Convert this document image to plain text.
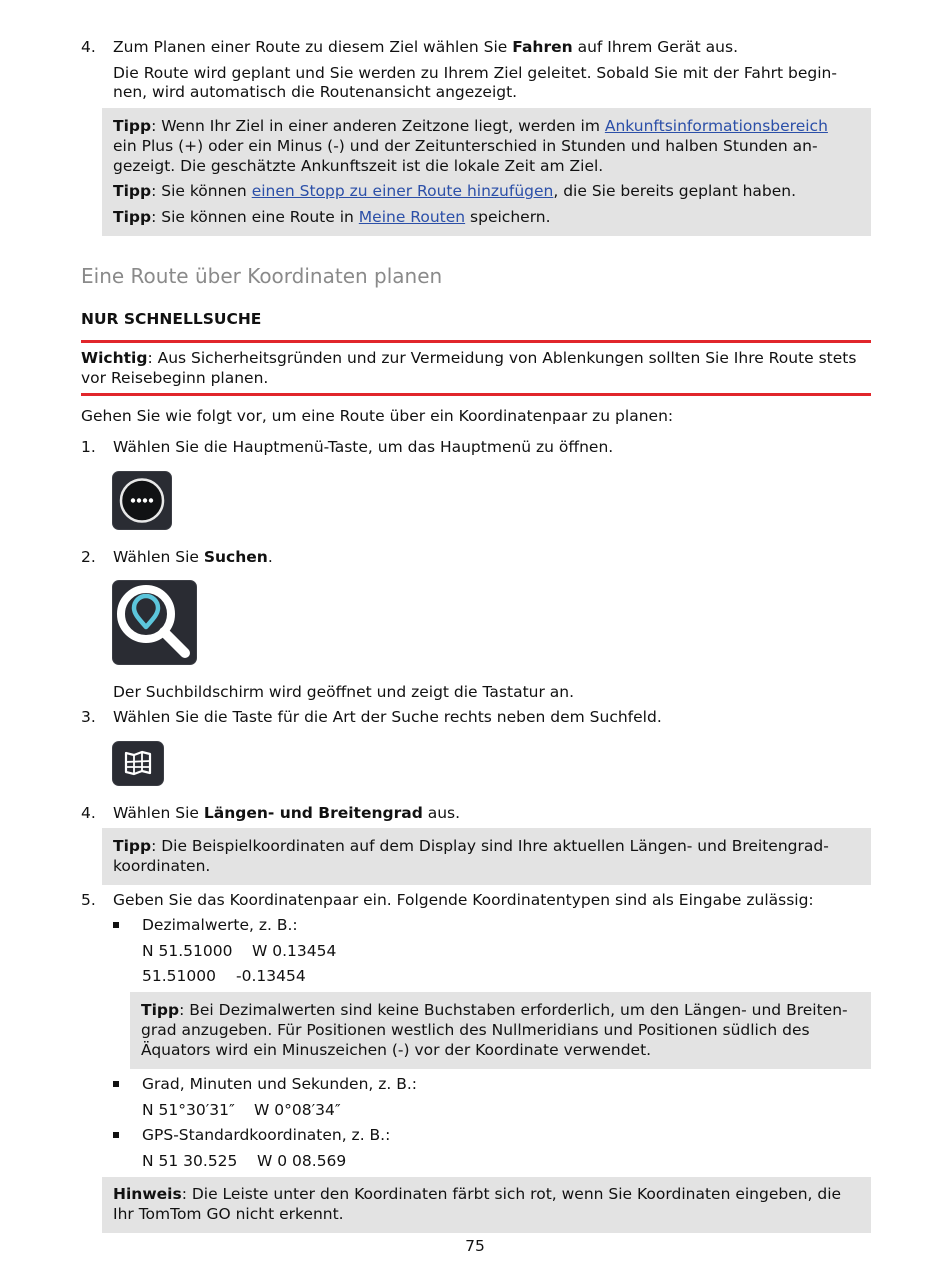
4. Zum Planen einer Route zu diesem Ziel wählen Sie Fahren auf Ihrem Gerät aus.
Die Route wird geplant und Sie werden zu Ihrem Ziel geleitet. Sobald Sie mit der Fahrt begin-
nen, wird automatisch die Routenansicht angezeigt.
Tipp: Wenn Ihr Ziel in einer anderen Zeitzone liegt, werden im Ankunftsinformationsbereich
ein Plus (+) oder ein Minus (-) und der Zeitunterschied in Stunden und halben Stunden an-
gezeigt. Die geschätzte Ankunftszeit ist die lokale Zeit am Ziel.
Tipp: Sie können einen Stopp zu einer Route hinzufügen, die Sie bereits geplant haben.
Tipp: Sie können eine Route in Meine Routen speichern.
Eine Route über Koordinaten planen
NUR SCHNELLSUCHE
Wichtig: Aus Sicherheitsgründen und zur Vermeidung von Ablenkungen sollten Sie Ihre Route stets
vor Reisebeginn planen.
Gehen Sie wie folgt vor, um eine Route über ein Koordinatenpaar zu planen:
1. Wählen Sie die Hauptmenü-Taste, um das Hauptmenü zu öffnen.
2. Wählen Sie Suchen.
Der Suchbildschirm wird geöffnet und zeigt die Tastatur an.
3. Wählen Sie die Taste für die Art der Suche rechts neben dem Suchfeld.
4. Wählen Sie Längen- und Breitengrad aus.
Tipp: Die Beispielkoordinaten auf dem Display sind Ihre aktuellen Längen- und Breitengrad-
koordinaten.
5. Geben Sie das Koordinatenpaar ein. Folgende Koordinatentypen sind als Eingabe zulässig:
Dezimalwerte, z. B.:
N 51.51000 W 0.13454
51.51000 -0.13454
Tipp: Bei Dezimalwerten sind keine Buchstaben erforderlich, um den Längen- und Breiten-
grad anzugeben. Für Positionen westlich des Nullmeridians und Positionen südlich des
Äquators wird ein Minuszeichen (-) vor der Koordinate verwendet.
Grad, Minuten und Sekunden, z. B.:
N 51°30′31″ W 0°08′34″
GPS-Standardkoordinaten, z. B.:
N 51 30.525 W 0 08.569
Hinweis: Die Leiste unter den Koordinaten färbt sich rot, wenn Sie Koordinaten eingeben, die
Ihr TomTom GO nicht erkennt.
75
